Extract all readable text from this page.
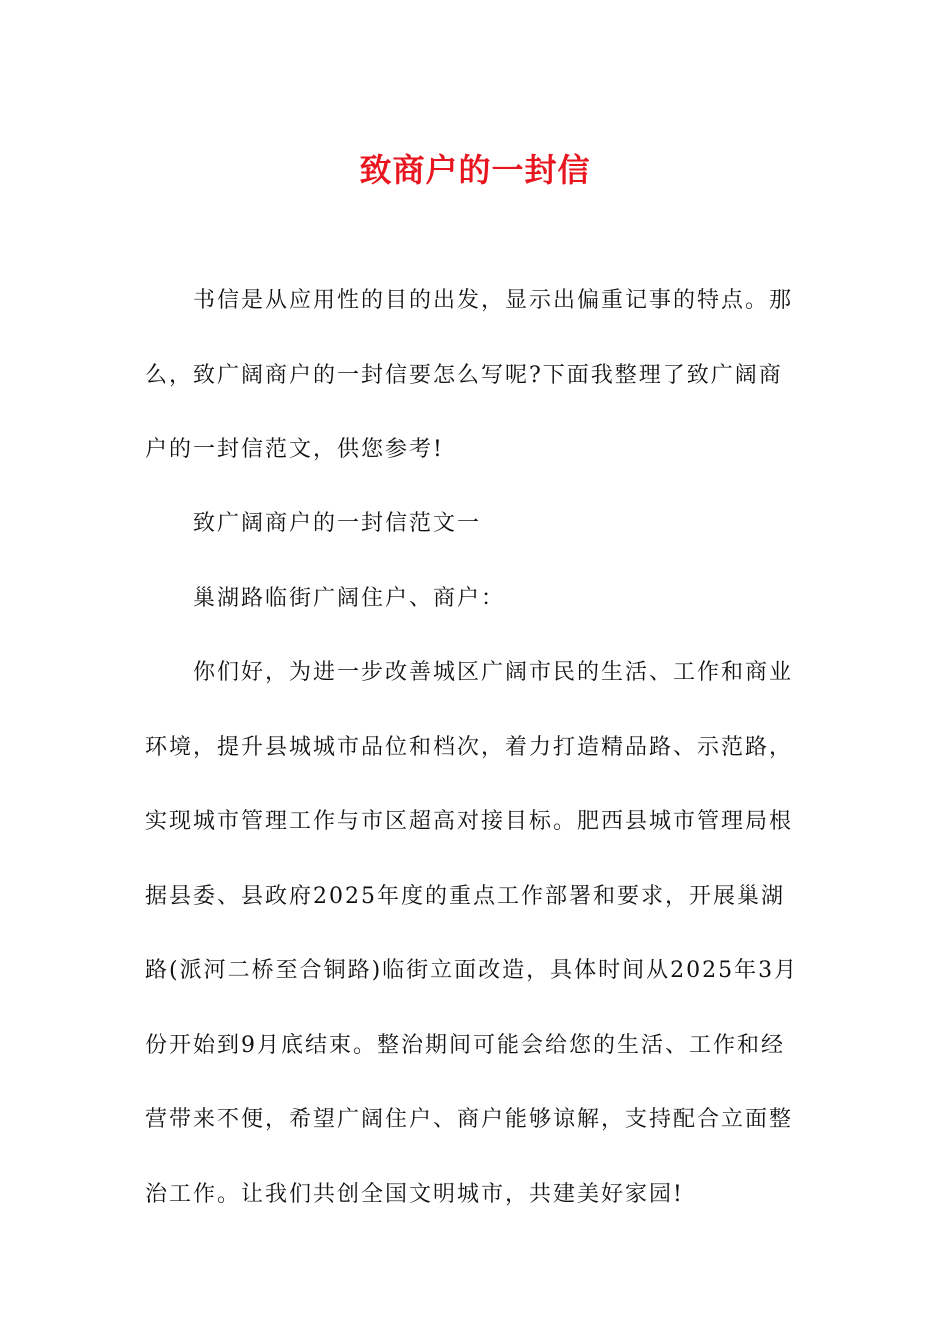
致商户的一封信

书信是从应用性的目的出发，显示出偏重记事的特点。那么，致广阔商户的一封信要怎么写呢?下面我整理了致广阔商户的一封信范文，供您参考!

致广阔商户的一封信范文一

巢湖路临街广阔住户、商户：

你们好，为进一步改善城区广阔市民的生活、工作和商业环境，提升县城城市品位和档次，着力打造精品路、示范路，实现城市管理工作与市区超高对接目标。肥西县城市管理局根据县委、县政府2025年度的重点工作部署和要求，开展巢湖路(派河二桥至合铜路)临街立面改造，具体时间从2025年3月份开始到9月底结束。整治期间可能会给您的生活、工作和经营带来不便，希望广阔住户、商户能够谅解，支持配合立面整治工作。让我们共创全国文明城市，共建美好家园!
